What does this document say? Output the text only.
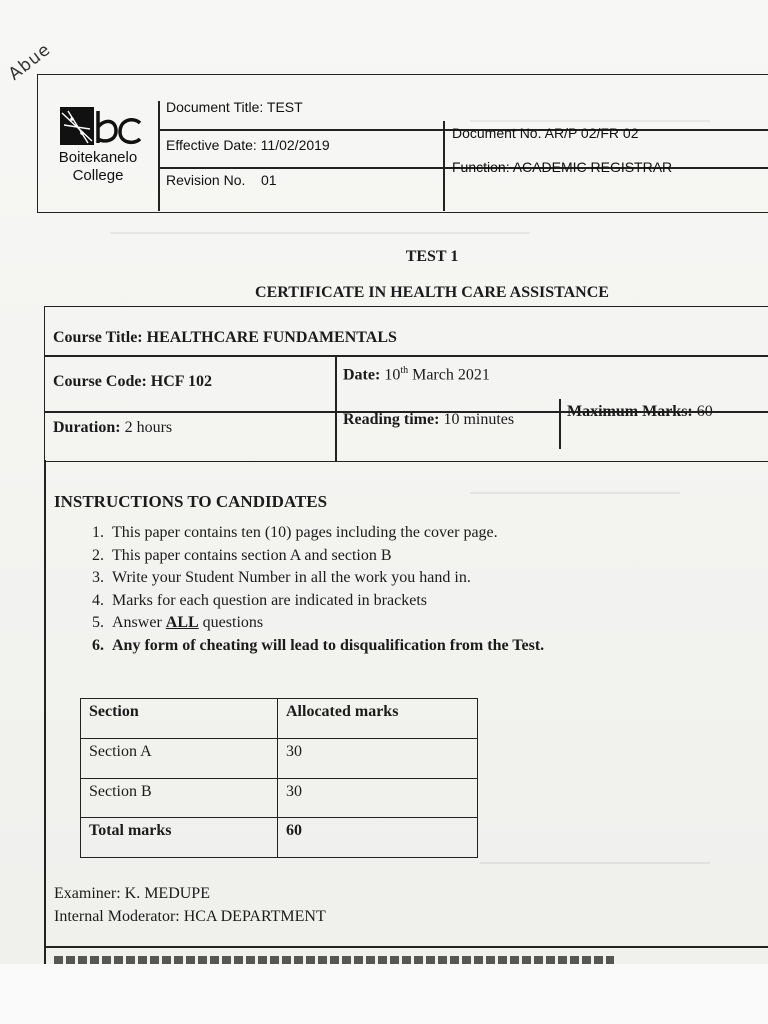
Abue
Boitekanelo
College
Document Title: TEST
Effective Date: 11/02/2019
Document No. AR/P 02/FR 02
Revision No. 01
Function: ACADEMIC REGISTRAR
TEST 1
CERTIFICATE IN HEALTH CARE ASSISTANCE
Course Title: HEALTHCARE FUNDAMENTALS
Course Code: HCF 102	Date: 10th March 2021
Duration: 2 hours	Reading time: 10 minutes	Maximum Marks: 60
INSTRUCTIONS TO CANDIDATES
1. This paper contains ten (10) pages including the cover page.
2. This paper contains section A and section B
3. Write your Student Number in all the work you hand in.
4. Marks for each question are indicated in brackets
5. Answer ALL questions
6. Any form of cheating will lead to disqualification from the Test.
Section	Allocated marks
Section A	30
Section B	30
Total marks	60
Examiner: K. MEDUPE
Internal Moderator: HCA DEPARTMENT
